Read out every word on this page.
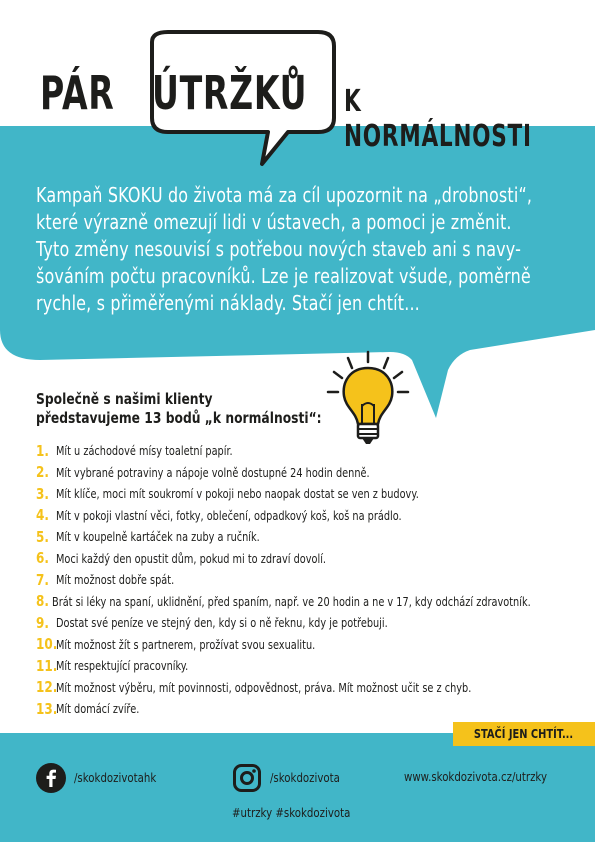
PÁR ÚTRŽKŮ K NORMÁLNOSTI
Kampaň SKOKU do života má za cíl upozornit na „drobnosti“,
které výrazně omezují lidi v ústavech, a pomoci je změnit.
Tyto změny nesouvisí s potřebou nových staveb ani s navy-
šováním počtu pracovníků. Lze je realizovat všude, poměrně
rychle, s přiměřenými náklady. Stačí jen chtít...
Společně s našimi klienty
představujeme 13 bodů „k normálnosti“:
1. Mít u záchodové mísy toaletní papír.
2. Mít vybrané potraviny a nápoje volně dostupné 24 hodin denně.
3. Mít klíče, moci mít soukromí v pokoji nebo naopak dostat se ven z budovy.
4. Mít v pokoji vlastní věci, fotky, oblečení, odpadkový koš, koš na prádlo.
5. Mít v koupelně kartáček na zuby a ručník.
6. Moci každý den opustit dům, pokud mi to zdraví dovolí.
7. Mít možnost dobře spát.
8. Brát si léky na spaní, uklidnění, před spaním, např. ve 20 hodin a ne v 17, kdy odchází zdravotník.
9. Dostat své peníze ve stejný den, kdy si o ně řeknu, kdy je potřebuji.
10.
Mít možnost žít s partnerem, prožívat svou sexualitu.
11.
Mít respektující pracovníky.
12.
Mít možnost výběru, mít povinnosti, odpovědnost, práva. Mít možnost učit se z chyb.
13.
Mít domácí zvíře.
STAČÍ JEN CHTÍT...
/skokdozivotahk	/skokdozivota	www.skokdozivota.cz/utrzky
#utrzky #skokdozivota
